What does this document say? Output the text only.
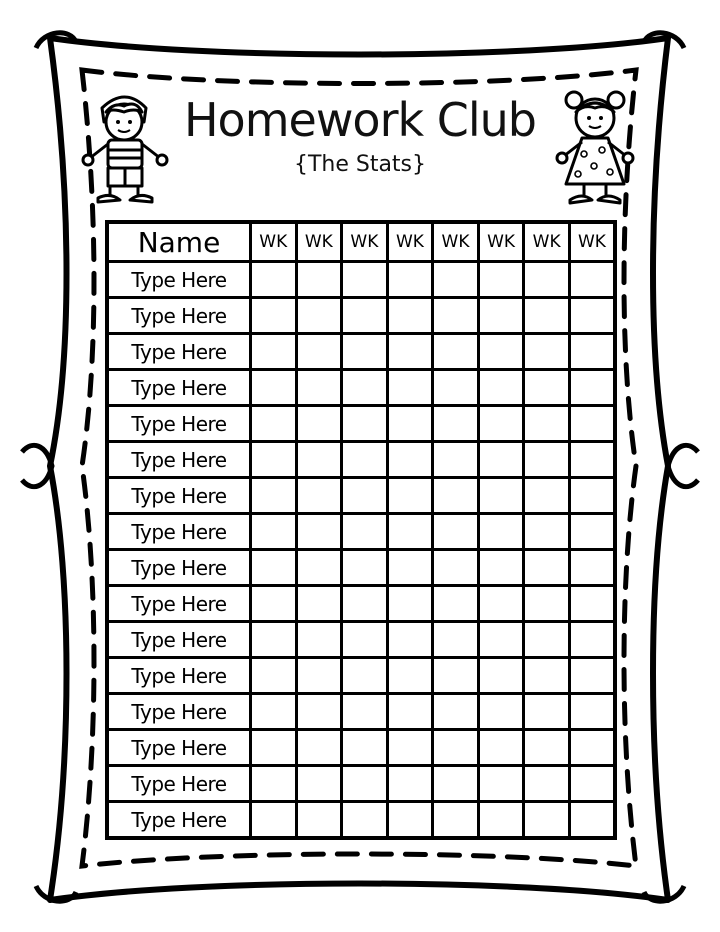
Homework Club
{The Stats}
Name	WK	WK	WK	WK	WK	WK	WK	WK
Type Here								
Type Here								
Type Here								
Type Here								
Type Here								
Type Here								
Type Here								
Type Here								
Type Here								
Type Here								
Type Here								
Type Here								
Type Here								
Type Here								
Type Here								
Type Here								
